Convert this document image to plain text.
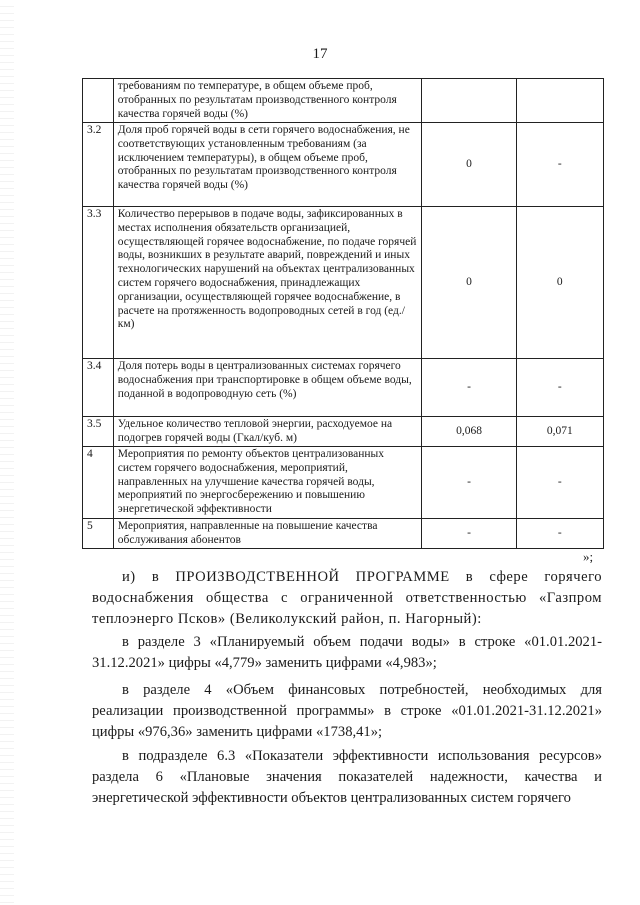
17
	требованиям по температуре, в общем объеме проб, отобранных по результатам производственного контроля качества горячей воды (%)		
3.2	Доля проб горячей воды в сети горячего водоснабжения, не соответствующих установленным требованиям (за исключением температуры), в общем объеме проб, отобранных по результатам производственного контроля качества горячей воды (%)	0	-
3.3	Количество перерывов в подаче воды, зафиксированных в местах исполнения обязательств организацией, осуществляющей горячее водоснабжение, по подаче горячей воды, возникших в результате аварий, повреждений и иных технологических нарушений на объектах централизованных систем горячего водоснабжения, принадлежащих организации, осуществляющей горячее водоснабжение, в расчете на протяженность водопроводных сетей в год (ед./км)	0	0
3.4	Доля потерь воды в централизованных системах горячего водоснабжения при транспортировке в общем объеме воды, поданной в водопроводную сеть (%)	-	-
3.5	Удельное количество тепловой энергии, расходуемое на подогрев горячей воды (Гкал/куб. м)	0,068	0,071
4	Мероприятия по ремонту объектов централизованных систем горячего водоснабжения, мероприятий, направленных на улучшение качества горячей воды, мероприятий по энергосбережению и повышению энергетической эффективности	-	-
5	Мероприятия, направленные на повышение качества обслуживания абонентов	-	-
»;

и) в ПРОИЗВОДСТВЕННОЙ ПРОГРАММЕ в сфере горячего водоснабжения общества с ограниченной ответственностью «Газпром теплоэнерго Псков» (Великолукский район, п. Нагорный):

в разделе 3 «Планируемый объем подачи воды» в строке «01.01.2021-31.12.2021» цифры «4,779» заменить цифрами «4,983»;

в разделе 4 «Объем финансовых потребностей, необходимых для реализации производственной программы» в строке «01.01.2021-31.12.2021» цифры «976,36» заменить цифрами «1738,41»;

в подразделе 6.3 «Показатели эффективности использования ресурсов» раздела 6 «Плановые значения показателей надежности, качества и энергетической эффективности объектов централизованных систем горячего
